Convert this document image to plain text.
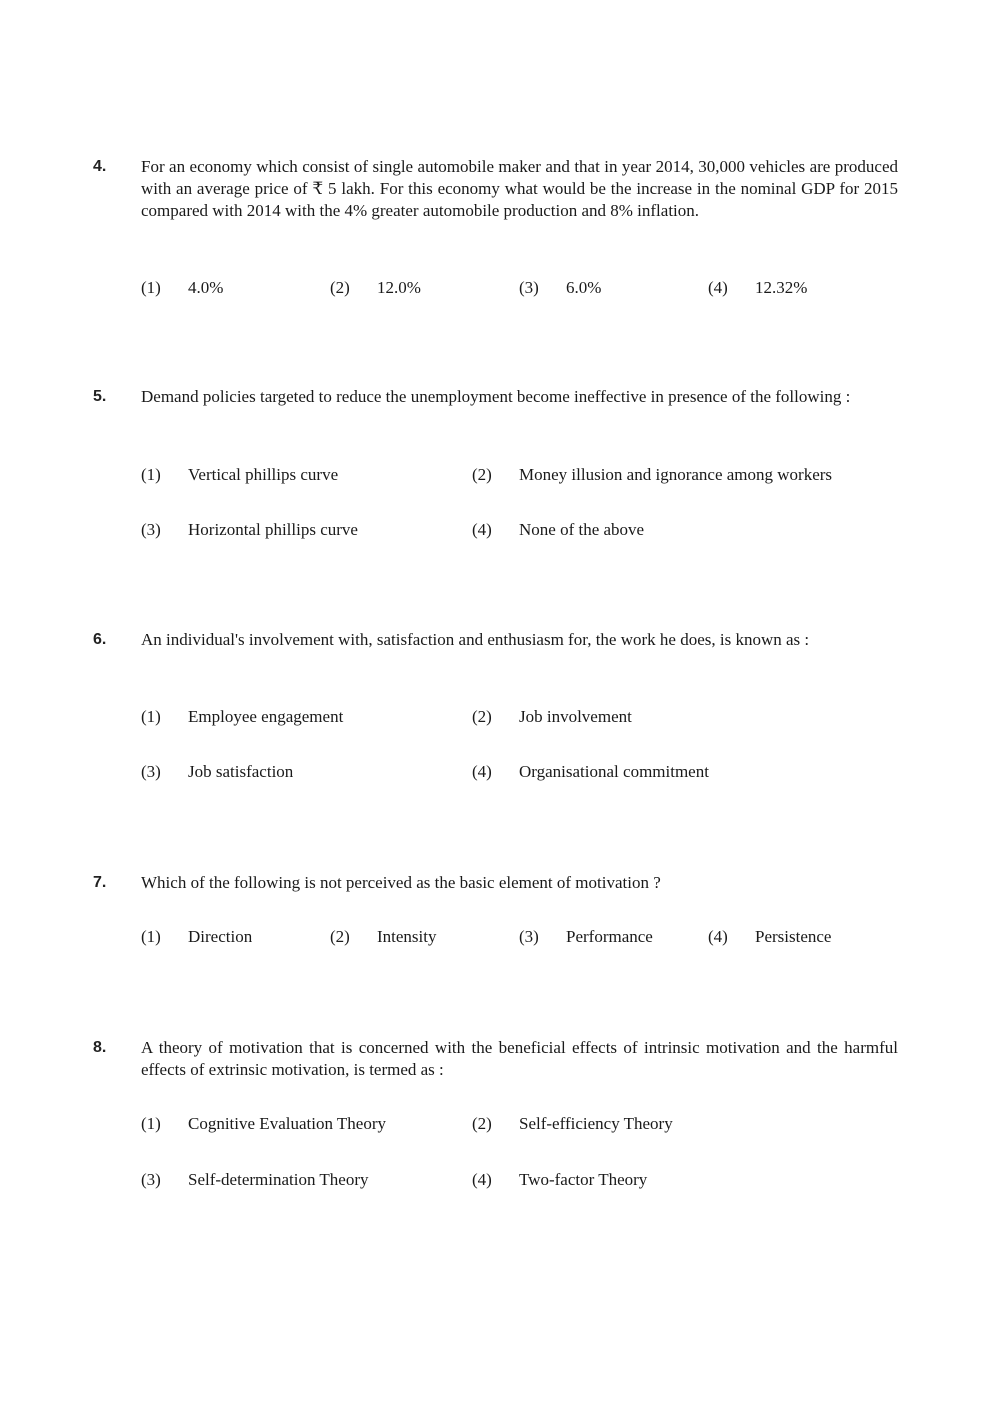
4. For an economy which consist of single automobile maker and that in year 2014, 30,000 vehicles are produced with an average price of ₹ 5 lakh. For this economy what would be the increase in the nominal GDP for 2015 compared with 2014 with the 4% greater automobile production and 8% inflation.
(1) 4.0%	(2) 12.0%	(3) 6.0%	(4) 12.32%
5. Demand policies targeted to reduce the unemployment become ineffective in presence of the following :
(1) Vertical phillips curve	(2) Money illusion and ignorance among workers
(3) Horizontal phillips curve	(4) None of the above
6. An individual's involvement with, satisfaction and enthusiasm for, the work he does, is known as :
(1) Employee engagement	(2) Job involvement
(3) Job satisfaction	(4) Organisational commitment
7. Which of the following is not perceived as the basic element of motivation ?
(1) Direction	(2) Intensity	(3) Performance	(4) Persistence
8. A theory of motivation that is concerned with the beneficial effects of intrinsic motivation and the harmful effects of extrinsic motivation, is termed as :
(1) Cognitive Evaluation Theory	(2) Self-efficiency Theory
(3) Self-determination Theory	(4) Two-factor Theory
